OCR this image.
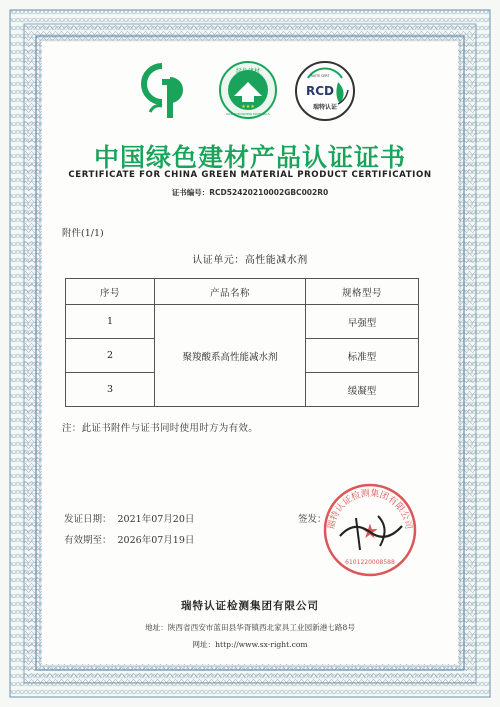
绿色建材
GREEN BUILDING MATERIALS
★★★
RCD
瑞特认证
RUITE CERT
中国绿色建材产品认证证书
CERTIFICATE FOR CHINA GREEN MATERIAL PRODUCT CERTIFICATION
证书编号：RCD52420210002GBC002R0
附件(1/1)
认证单元：高性能减水剂
序号	产品名称	规格型号
1	聚羧酸系高性能减水剂	早强型
2		标准型
3		缓凝型
注：此证书附件与证书同时使用时方为有效。
发证日期： 2021年07月20日
有效期至： 2026年07月19日
签发： 瑞特认证检测集团有限公司
★
6101220008588
瑞特认证检测集团有限公司
地址：陕西省西安市蓝田县华胥镇西北家具工业园新港七路8号
网址：http://www.sx-right.com
